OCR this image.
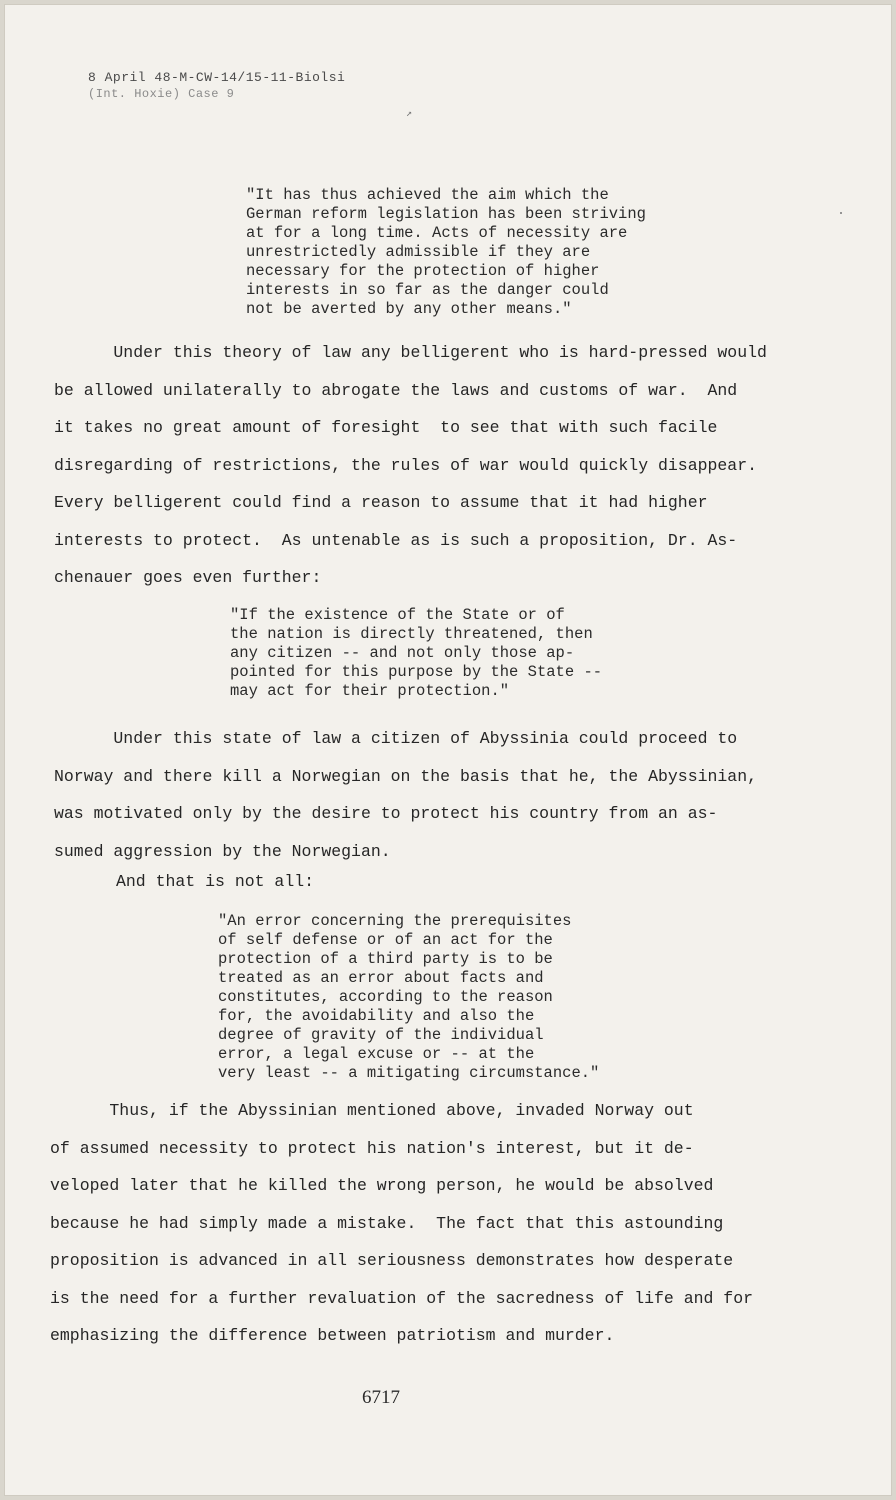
8 April 48-M-CW-14/15-11-Biolsi
(Int. Hoxie) Case 9
↗
"It has thus achieved the aim which the
German reform legislation has been striving
at for a long time. Acts of necessity are
unrestrictedly admissible if they are
necessary for the protection of higher
interests in so far as the danger could
not be averted by any other means."
Under this theory of law any belligerent who is hard-pressed would
be allowed unilaterally to abrogate the laws and customs of war.  And
it takes no great amount of foresight  to see that with such facile
disregarding of restrictions, the rules of war would quickly disappear.
Every belligerent could find a reason to assume that it had higher
interests to protect.  As untenable as is such a proposition, Dr. As-
chenauer goes even further:
"If the existence of the State or of
the nation is directly threatened, then
any citizen -- and not only those ap-
pointed for this purpose by the State --
may act for their protection."
Under this state of law a citizen of Abyssinia could proceed to
Norway and there kill a Norwegian on the basis that he, the Abyssinian,
was motivated only by the desire to protect his country from an as-
sumed aggression by the Norwegian.
And that is not all:
"An error concerning the prerequisites
of self defense or of an act for the
protection of a third party is to be
treated as an error about facts and
constitutes, according to the reason
for, the avoidability and also the
degree of gravity of the individual
error, a legal excuse or -- at the
very least -- a mitigating circumstance."
Thus, if the Abyssinian mentioned above, invaded Norway out
of assumed necessity to protect his nation's interest, but it de-
veloped later that he killed the wrong person, he would be absolved
because he had simply made a mistake.  The fact that this astounding
proposition is advanced in all seriousness demonstrates how desperate
is the need for a further revaluation of the sacredness of life and for
emphasizing the difference between patriotism and murder.
6717
